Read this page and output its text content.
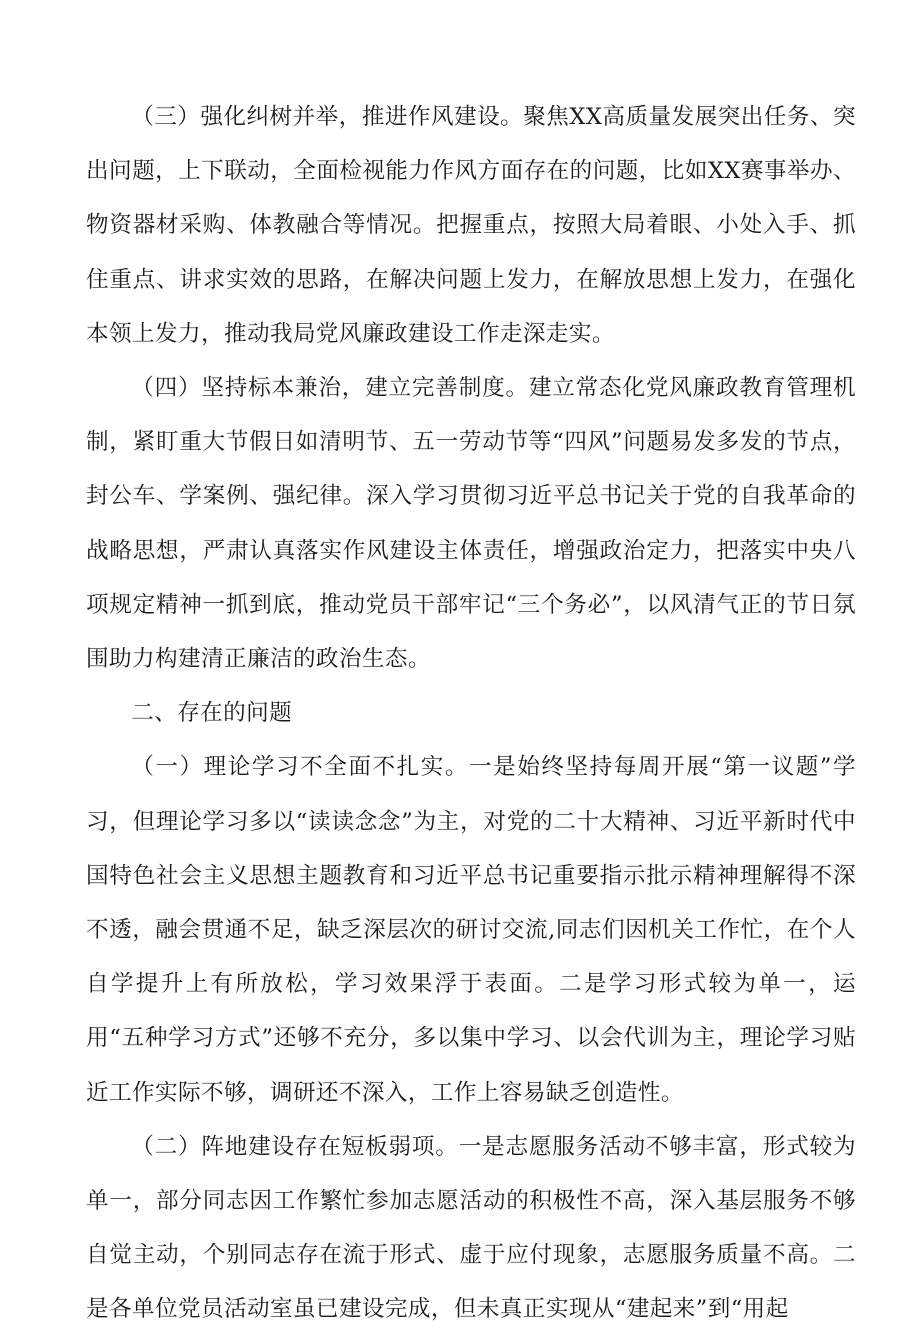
（三）强化纠树并举，推进作风建设。聚焦XX高质量发展突出任务、突出问题，上下联动，全面检视能力作风方面存在的问题，比如XX赛事举办、物资器材采购、体教融合等情况。把握重点，按照大局着眼、小处入手、抓住重点、讲求实效的思路，在解决问题上发力，在解放思想上发力，在强化本领上发力，推动我局党风廉政建设工作走深走实。

（四）坚持标本兼治，建立完善制度。建立常态化党风廉政教育管理机制，紧盯重大节假日如清明节、五一劳动节等“四风”问题易发多发的节点，封公车、学案例、强纪律。深入学习贯彻习近平总书记关于党的自我革命的战略思想，严肃认真落实作风建设主体责任，增强政治定力，把落实中央八项规定精神一抓到底，推动党员干部牢记“三个务必”，以风清气正的节日氛围助力构建清正廉洁的政治生态。

二、存在的问题

（一）理论学习不全面不扎实。一是始终坚持每周开展“第一议题”学习，但理论学习多以“读读念念”为主，对党的二十大精神、习近平新时代中国特色社会主义思想主题教育和习近平总书记重要指示批示精神理解得不深不透，融会贯通不足，缺乏深层次的研讨交流,同志们因机关工作忙，在个人自学提升上有所放松，学习效果浮于表面。二是学习形式较为单一，运用“五种学习方式”还够不充分，多以集中学习、以会代训为主，理论学习贴近工作实际不够，调研还不深入，工作上容易缺乏创造性。

（二）阵地建设存在短板弱项。一是志愿服务活动不够丰富，形式较为单一，部分同志因工作繁忙参加志愿活动的积极性不高，深入基层服务不够自觉主动，个别同志存在流于形式、虚于应付现象，志愿服务质量不高。二是各单位党员活动室虽已建设完成，但未真正实现从“建起来”到“用起
